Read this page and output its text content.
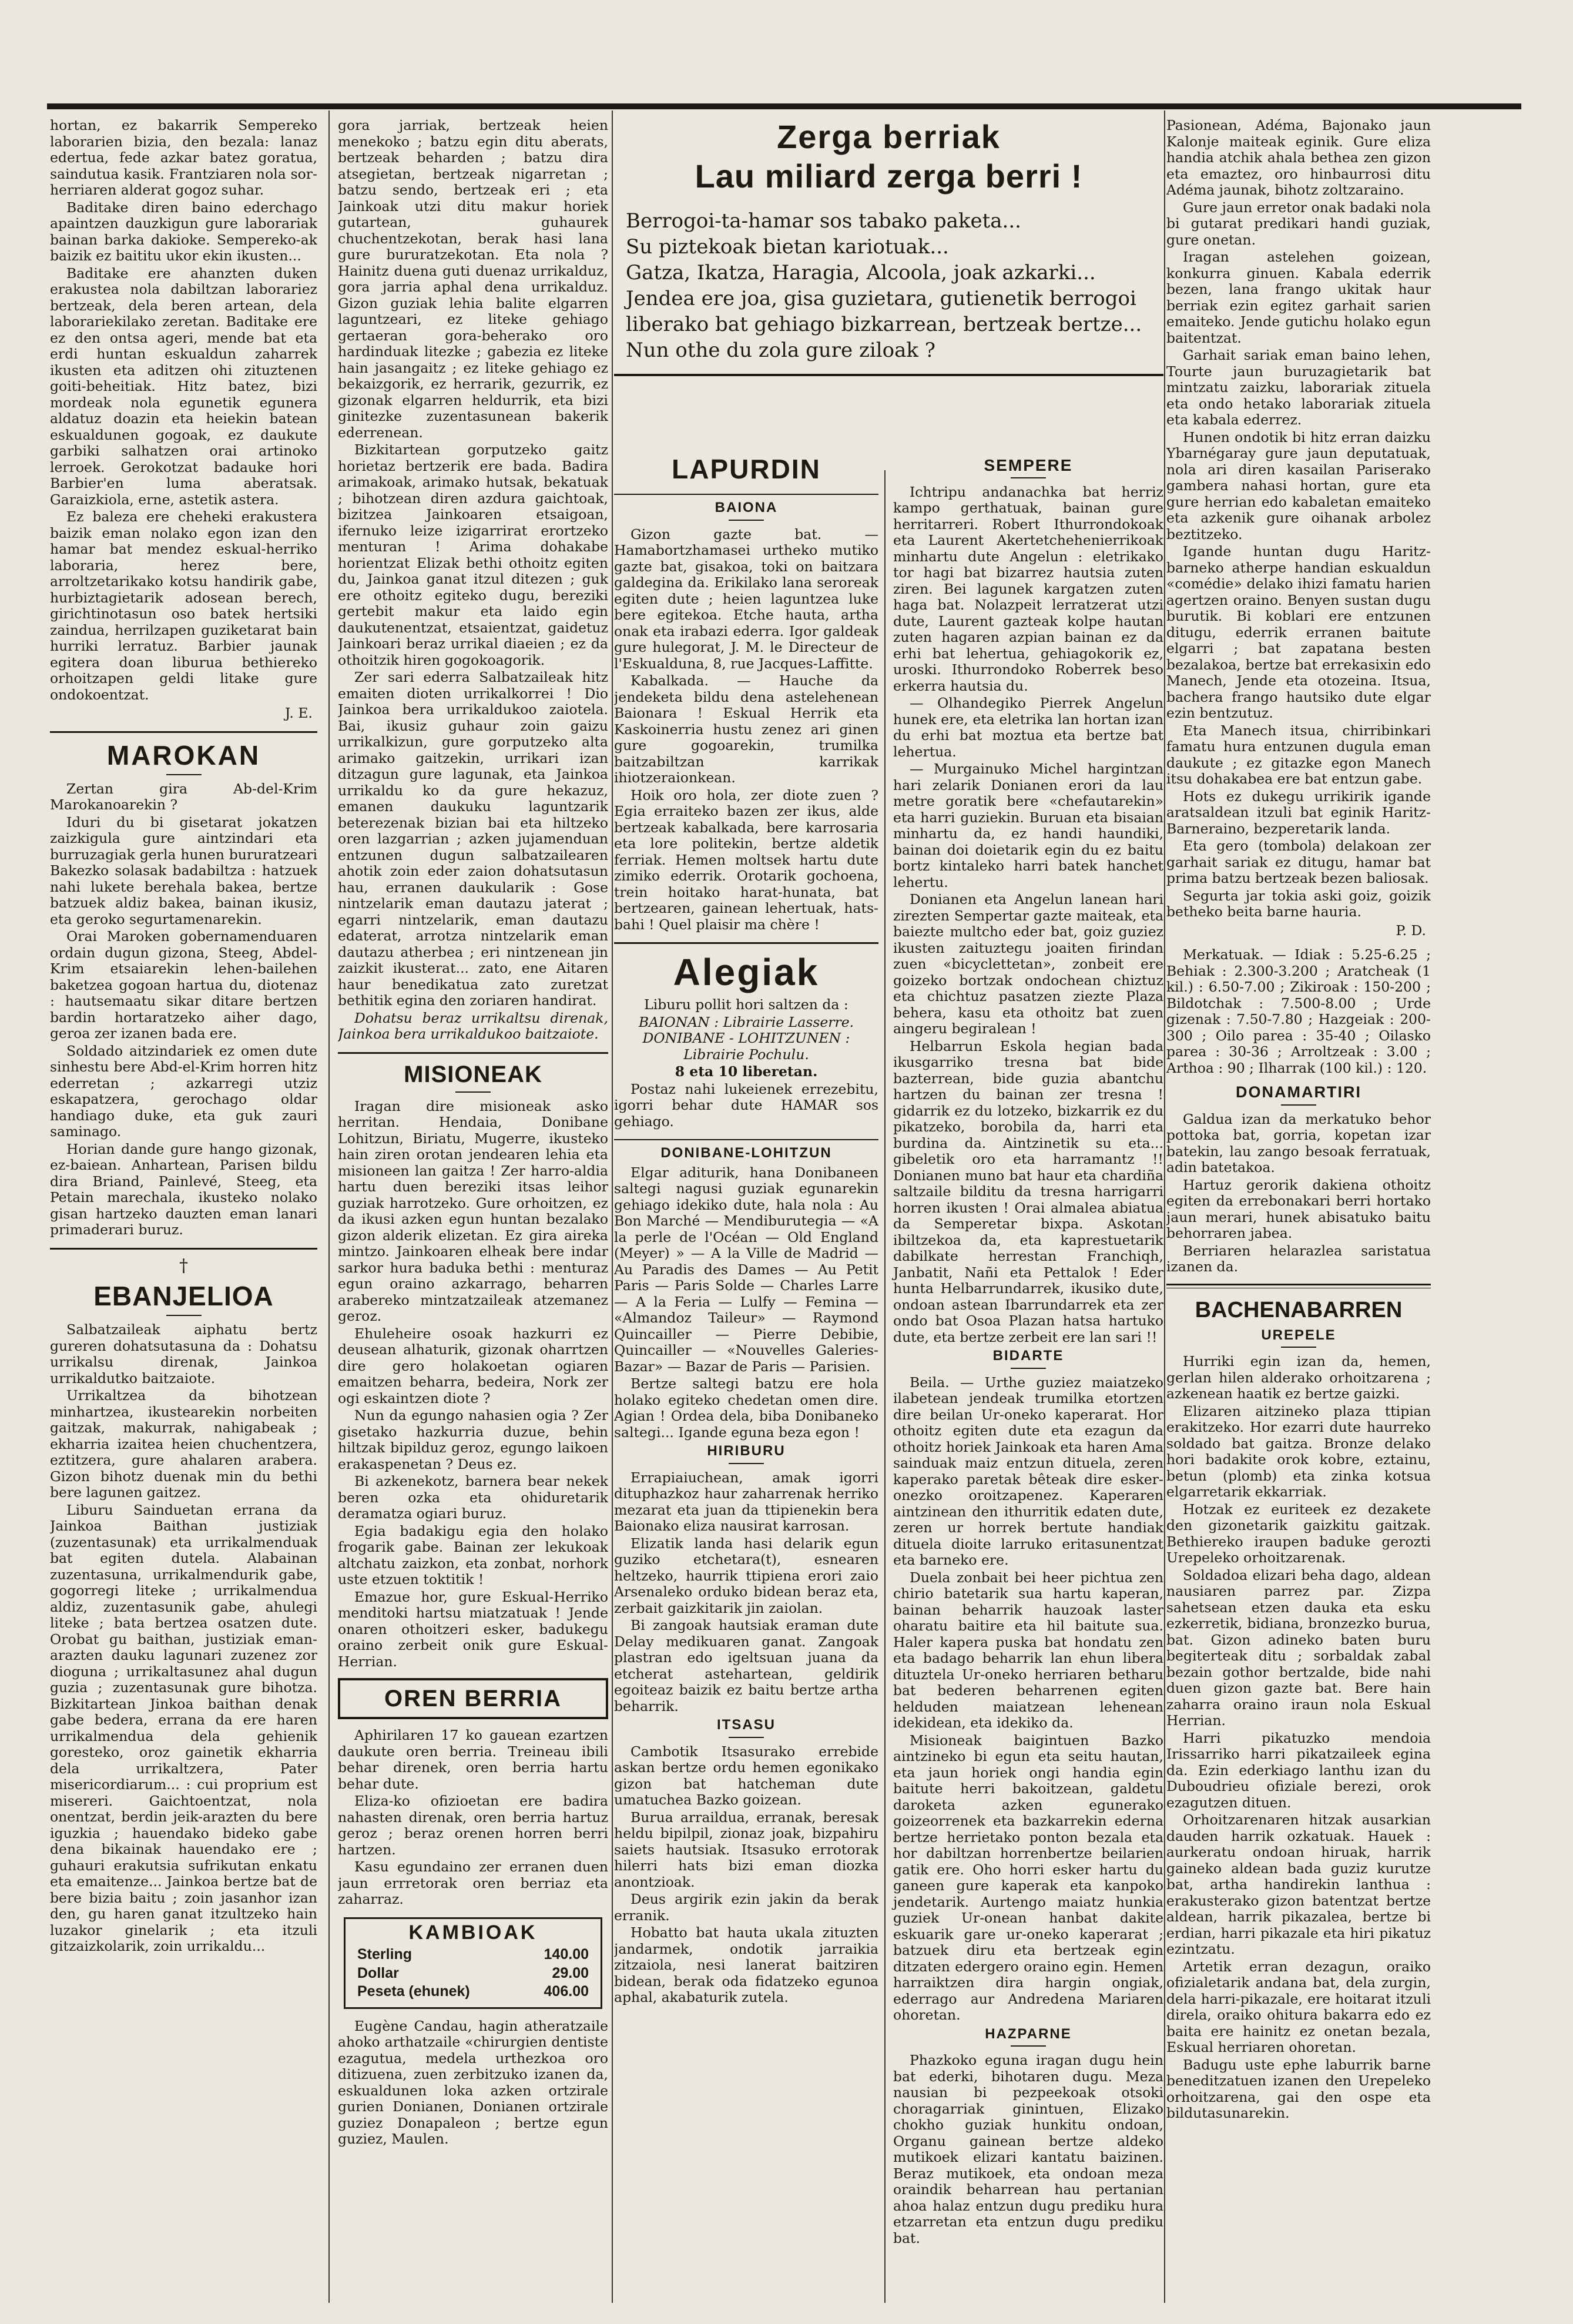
hortan, ez bakarrik Sempereko laborarien bizia, den bezala: lanaz edertua, fede azkar batez goratua, saindutua kasik. Frantziaren nola sor-herriaren alderat gogoz suhar.

Baditake diren baino ederchago apaintzen dauzkigun gure laborariak bainan barka dakioke. Sempereko-ak baizik ez baititu ukor ekin ikusten...

Baditake ere ahanzten duken erakustea nola dabiltzan laborariez bertzeak, dela beren artean, dela laborariekilako zeretan. Baditake ere ez den ontsa ageri, mende bat eta erdi huntan eskualdun zaharrek ikusten eta aditzen ohi zituztenen goiti-beheitiak. Hitz batez, bizi mordeak nola egunetik egunera aldatuz doazin eta heiekin batean eskualdunen gogoak, ez daukute garbiki salhatzen orai artinoko lerroek. Gerokotzat badauke hori Barbier'en luma aberatsak. Garaizkiola, erne, astetik astera.

Ez baleza ere cheheki erakustera baizik eman nolako egon izan den hamar bat mendez eskual-herriko laboraria, herez bere, arroltzetarikako kotsu handirik gabe, hurbiztagietarik adosean berech, girichtinotasun oso batek hertsiki zaindua, herrilzapen guziketarat bain hurriki lerratuz. Barbier jaunak egitera doan liburua bethiereko orhoitzapen geldi litake gure ondokoentzat.

J. E.

MAROKAN

Zertan gira Ab-del-Krim Marokanoarekin ?

Iduri du bi gisetarat jokatzen zaizkigula gure aintzindari eta burruzagiak gerla hunen bururatzeari Bakezko solasak badabiltza : hatzuek nahi lukete berehala bakea, bertze batzuek aldiz bakea, bainan ikusiz, eta geroko segurtamenarekin.

Orai Maroken gobernamenduaren ordain dugun gizona, Steeg, Abdel-Krim etsaiarekin lehen-bailehen baketzea gogoan hartua du, diotenaz : hautsemaatu sikar ditare bertzen bardin hortaratzeko aiher dago, geroa zer izanen bada ere.

Soldado aitzindariek ez omen dute sinhestu bere Abd-el-Krim horren hitz ederretan ; azkarregi utziz eskapatzera, gerochago oldar handiago duke, eta guk zauri saminago.

Horian dande gure hango gizonak, ez-baiean. Anhartean, Parisen bildu dira Briand, Painlevé, Steeg, eta Petain marechala, ikusteko nolako gisan hartzeko dauzten eman lanari primaderari buruz.

†
EBANJELIOA

Salbatzaileak aiphatu bertz gureren dohatsutasuna da : Dohatsu urrikalsu direnak, Jainkoa urrikaldutko baitzaiote.

Urrikaltzea da bihotzean minhartzea, ikustearekin norbeiten gaitzak, makurrak, nahigabeak ; ekharria izaitea heien chuchentzera, eztitzera, gure ahalaren arabera. Gizon bihotz duenak min du bethi bere lagunen gaitzez.

Liburu Sainduetan errana da Jainkoa Baithan justiziak (zuzentasunak) eta urrikalmenduak bat egiten dutela. Alabainan zuzentasuna, urrikalmendurik gabe, gogorregi liteke ; urrikalmendua aldiz, zuzentasunik gabe, ahulegi liteke ; bata bertzea osatzen dute. Orobat gu baithan, justiziak eman-arazten dauku lagunari zuzenez zor dioguna ; urrikaltasunez ahal dugun guzia ; zuzentasunak gure bihotza. Bizkitartean Jinkoa baithan denak gabe bedera, errana da ere haren urrikalmendua dela gehienik goresteko, oroz gainetik ekharria dela urrikaltzera, Pater misericordiarum... : cui proprium est misereri. Gaichtoentzat, nola onentzat, berdin jeik-arazten du bere iguzkia ; hauendako bideko gabe dena bikainak hauendako ere ; guhauri erakutsia sufrikutan enkatu eta emaitenze... Jainkoa bertze bat de bere bizia baitu ; zoin jasanhor izan den, gu haren ganat itzultzeko hain luzakor ginelarik ; eta itzuli gitzaizkolarik, zoin urrikaldu...

gora jarriak, bertzeak heien menekoko ; batzu egin ditu aberats, bertzeak beharden ; batzu dira atsegietan, bertzeak nigarretan ; batzu sendo, bertzeak eri ; eta Jainkoak utzi ditu makur horiek gutartean, guhaurek chuchentzekotan, berak hasi lana gure bururatzekotan. Eta nola ? Hainitz duena guti duenaz urrikalduz, gora jarria aphal dena urrikalduz. Gizon guziak lehia balite elgarren laguntzeari, ez liteke gehiago gertaeran gora-beherako oro hardinduak litezke ; gabezia ez liteke hain jasangaitz ; ez liteke gehiago ez bekaizgorik, ez herrarik, gezurrik, ez gizonak elgarren heldurrik, eta bizi ginitezke zuzentasunean bakerik ederrenean.

Bizkitartean gorputzeko gaitz horietaz bertzerik ere bada. Badira arimakoak, arimako hutsak, bekatuak ; bihotzean diren azdura gaichtoak, bizitzea Jainkoaren etsaigoan, ifernuko leize izigarrirat erortzeko menturan ! Arima dohakabe horientzat Elizak bethi othoitz egiten du, Jainkoa ganat itzul ditezen ; guk ere othoitz egiteko dugu, bereziki gertebit makur eta laido egin daukutenentzat, etsaientzat, gaidetuz Jainkoari beraz urrikal diaeien ; ez da othoitzik hiren gogokoagorik.

Zer sari ederra Salbatzaileak hitz emaiten dioten urrikalkorrei ! Dio Jainkoa bera urrikaldukoo zaiotela. Bai, ikusiz guhaur zoin gaizu urrikalkizun, gure gorputzeko alta arimako gaitzekin, urrikari izan ditzagun gure lagunak, eta Jainkoa urrikaldu ko da gure hekazuz, emanen daukuku laguntzarik beterezenak bizian bai eta hiltzeko oren lazgarrian ; azken jujamenduan entzunen dugun salbatzailearen ahotik zoin eder zaion dohatsutasun hau, erranen daukularik : Gose nintzelarik eman dautazu jaterat ; egarri nintzelarik, eman dautazu edaterat, arrotza nintzelarik eman dautazu atherbea ; eri nintzenean jin zaizkit ikusterat... zato, ene Aitaren haur benedikatua zato zuretzat bethitik egina den zoriaren handirat.

Dohatsu beraz urrikaltsu direnak, Jainkoa bera urrikaldukoo baitzaiote.

MISIONEAK

Iragan dire misioneak asko herritan. Hendaia, Donibane Lohitzun, Biriatu, Mugerre, ikusteko hain ziren orotan jendearen lehia eta misioneen lan gaitza ! Zer harro-aldia hartu duen bereziki itsas leihor guziak harrotzeko. Gure orhoitzen, ez da ikusi azken egun huntan bezalako gizon alderik elizetan. Ez gira aireka mintzo. Jainkoaren elheak bere indar sarkor hura baduka bethi : menturaz egun oraino azkarrago, beharren arabereko mintzatzaileak atzemanez geroz.

Ehuleheire osoak hazkurri ez deusean alhaturik, gizonak oharrtzen dire gero holakoetan ogiaren emaitzen beharra, bedeira, Nork zer ogi eskaintzen diote ?

Nun da egungo nahasien ogia ? Zer gisetako hazkurria duzue, behin hiltzak bipilduz geroz, egungo laikoen erakaspenetan ? Deus ez.

Bi azkenekotz, barnera bear nekek beren ozka eta ohiduretarik deramatza ogiari buruz.

Egia badakigu egia den holako frogarik gabe. Bainan zer lekukoak altchatu zaizkon, eta zonbat, norhork uste etzuen toktitik !

Emazue hor, gure Eskual-Herriko menditoki hartsu miatzatuak ! Jende onaren othoitzeri esker, badukegu oraino zerbeit onik gure Eskual-Herrian.

OREN BERRIA

Aphirilaren 17 ko gauean ezartzen daukute oren berria. Treineau ibili behar direnek, oren berria hartu behar dute.

Eliza-ko ofizioetan ere badira nahasten direnak, oren berria hartuz geroz ; beraz orenen horren berri hartzen.

Kasu egundaino zer erranen duen jaun errretorak oren berriaz eta zaharraz.

KAMBIOAK
Sterling	140.00
Dollar	29.00
Peseta (ehunek)	406.00

Eugène Candau, hagin atheratzaile ahoko arthatzaile «chirurgien dentiste ezagutua, medela urthezkoa oro ditizuena, zuen zerbitzuko izanen da, eskualdunen loka azken ortzirale gurien Donianen, Donianen ortzirale guziez Donapaleon ; bertze egun guziez, Maulen.

Zerga berriak
Lau miliard zerga berri !
Berrogoi-ta-hamar sos tabako paketa...
Su piztekoak bietan kariotuak...
Gatza, Ikatza, Haragia, Alcoola, joak azkarki...
Jendea ere joa, gisa guzietara, gutienetik berrogoi
liberako bat gehiago bizkarrean, bertzeak bertze...
Nun othe du zola gure ziloak ?
LAPURDIN
BAIONA

Gizon gazte bat. — Hamabortzhamasei urtheko mutiko gazte bat, gisakoa, toki on baitzara galdegina da. Erikilako lana seroreak egiten dute ; heien laguntzea luke bere egitekoa. Etche hauta, artha onak eta irabazi ederra. Igor galdeak gure hulegorat, J. M. le Directeur de l'Eskualduna, 8, rue Jacques-Laffitte.

Kabalkada. — Hauche da jendeketa bildu dena astelehenean Baionara ! Eskual Herrik eta Kaskoinerria hustu zenez ari ginen gure gogoarekin, trumilka baitzabiltzan karrikak ihiotzeraionkean.

Hoik oro hola, zer diote zuen ? Egia erraiteko bazen zer ikus, alde bertzeak kabalkada, bere karrosaria eta lore politekin, bertze aldetik ferriak. Hemen moltsek hartu dute zimiko ederrik. Orotarik gochoena, trein hoitako harat-hunata, bat bertzearen, gainean lehertuak, hats-bahi ! Quel plaisir ma chère !

Alegiak

Liburu pollit hori saltzen da :

BAIONAN : Librairie Lasserre. DONIBANE - LOHITZUNEN : Librairie Pochulu.

8 eta 10 liberetan.

Postaz nahi lukeienek errezebitu, igorri behar dute HAMAR sos gehiago.

DONIBANE-LOHITZUN

Elgar aditurik, hana Donibaneen saltegi nagusi guziak egunarekin gehiago idekiko dute, hala nola : Au Bon Marché — Mendiburutegia — «A la perle de l'Océan — Old England (Meyer) » — A la Ville de Madrid — Au Paradis des Dames — Au Petit Paris — Paris Solde — Charles Larre — A la Feria — Lulfy — Femina — «Almandoz Taileur» — Raymond Quincailler — Pierre Debibie, Quincailler — «Nouvelles Galeries-Bazar» — Bazar de Paris — Parisien.

Bertze saltegi batzu ere hola holako egiteko chedetan omen dire. Agian ! Ordea dela, biba Donibaneko saltegi... Igande eguna beza egon !

HIRIBURU

Errapiaiuchean, amak igorri dituphazkoz haur zaharrenak herriko mezarat eta juan da ttipienekin bera Baionako eliza nausirat karrosan.

Elizatik landa hasi delarik egun guziko etchetara(t), esnearen heltzeko, haurrik ttipiena erori zaio Arsenaleko orduko bidean beraz eta, zerbait gaizkitarik jin zaiolan.

Bi zangoak hautsiak eraman dute Delay medikuaren ganat. Zangoak plastran edo igeltsuan juana da etcherat astehartean, geldirik egoiteaz baizik ez baitu bertze artha beharrik.

ITSASU

Cambotik Itsasurako errebide askan bertze ordu hemen egonikako gizon bat hatcheman dute umatuchea Bazko goizean.

Burua arraildua, erranak, beresak heldu bipilpil, zionaz joak, bizpahiru saiets hautsiak. Itsasuko errotorak hilerri hats bizi eman diozka anontzioak.

Deus argirik ezin jakin da berak erranik.

Hobatto bat hauta ukala zituzten jandarmek, ondotik jarraikia zitzaiola, nesi lanerat baitziren bidean, berak oda fidatzeko egunoa aphal, akabaturik zutela.

SEMPERE

Ichtripu andanachka bat herriz kampo gerthatuak, bainan gure herritarreri. Robert Ithurrondokoak eta Laurent Akertetchehenierrikoak minhartu dute Angelun : eletrikako tor hagi bat bizarrez hautsia zuten ziren. Bei lagunek kargatzen zuten haga bat. Nolazpeit lerratzerat utzi dute, Laurent gazteak kolpe hautan zuten hagaren azpian bainan ez da erhi bat lehertua, gehiagokorik ez, uroski. Ithurrondoko Roberrek beso erkerra hautsia du.

— Olhandegiko Pierrek Angelun hunek ere, eta eletrika lan hortan izan du erhi bat moztua eta bertze bat lehertua.

— Murgainuko Michel hargintzan hari zelarik Donianen erori da lau metre goratik bere «chefautarekin» eta harri guziekin. Buruan eta bisaian minhartu da, ez handi haundiki, bainan doi doietarik egin du ez baitu bortz kintaleko harri batek hanchet lehertu.

Donianen eta Angelun lanean hari zirezten Sempertar gazte maiteak, eta baiezte multcho eder bat, goiz guziez ikusten zaituztegu joaiten firindan zuen «bicyclettetan», zonbeit ere goizeko bortzak ondochean chiztuz eta chichtuz pasatzen ziezte Plaza behera, kasu eta othoitz bat zuen aingeru begiralean !

Helbarrun Eskola hegian bada ikusgarriko tresna bat bide bazterrean, bide guzia abantchu hartzen du bainan zer tresna ! gidarrik ez du lotzeko, bizkarrik ez du pikatzeko, borobila da, harri eta burdina da. Aintzinetik su eta... gibeletik oro eta harramantz !! Donianen muno bat haur eta chardiña saltzaile bilditu da tresna harrigarri horren ikusten ! Orai almalea abiatua da Semperetar bixpa. Askotan ibiltzekoa da, eta kaprestuetarik dabilkate herrestan Franchiqh, Janbatit, Nañi eta Pettalok ! Eder hunta Helbarrundarrek, ikusiko dute, ondoan astean Ibarrundarrek eta zer ondo bat Osoa Plazan hatsa hartuko dute, eta bertze zerbeit ere lan sari !!

BIDARTE

Beila. — Urthe guziez maiatzeko ilabetean jendeak trumilka etortzen dire beilan Ur-oneko kaperarat. Hor othoitz egiten dute eta ezagun da othoitz horiek Jainkoak eta haren Ama sainduak maiz entzun dituela, zeren kaperako paretak bêteak dire esker-onezko oroitzapenez. Kaperaren aintzinean den ithurritik edaten dute, zeren ur horrek bertute handiak dituela dioite larruko eritasunentzat eta barneko ere.

Duela zonbait bei heer pichtua zen chirio batetarik sua hartu kaperan, bainan beharrik hauzoak laster oharatu baitire eta hil baitute sua. Haler kapera puska bat hondatu zen eta badago beharrik lan ehun libera dituztela Ur-oneko herriaren betharu bat bederen beharrenen egiten helduden maiatzean lehenean idekidean, eta idekiko da.

Misioneak baigintuen Bazko aintzineko bi egun eta seitu hautan, eta jaun horiek ongi handia egin baitute herri bakoitzean, galdetu daroketa azken egunerako goizeorrenek eta bazkarrekin ederna bertze herrietako ponton bezala eta hor dabiltzan horrenbertze beilarien gatik ere. Oho horri esker hartu du ganeen gure kaperak eta kanpoko jendetarik. Aurtengo maiatz hunkia guziek Ur-onean hanbat dakite eskuarik gare ur-oneko kaperarat ; batzuek diru eta bertzeak egin ditzaten edergero oraino egin. Hemen harraiktzen dira hargin ongiak, ederrago aur Andredena Mariaren ohoretan.

HAZPARNE

Phazkoko eguna iragan dugu hein bat ederki, bihotaren dugu. Meza nausian bi pezpeekoak otsoki choragarriak ginintuen, Elizako chokho guziak hunkitu ondoan, Organu gainean bertze aldeko mutikoek elizari kantatu baizinen. Beraz mutikoek, eta ondoan meza oraindik beharrean hau pertanian ahoa halaz entzun dugu prediku hura etzarretan eta entzun dugu prediku bat.

Pasionean, Adéma, Bajonako jaun Kalonje maiteak eginik. Gure eliza handia atchik ahala bethea zen gizon eta emaztez, oro hinbaurrosi ditu Adéma jaunak, bihotz zoltzaraino.

Gure jaun erretor onak badaki nola bi gutarat predikari handi guziak, gure onetan.

Iragan astelehen goizean, konkurra ginuen. Kabala ederrik bezen, lana frango ukitak haur berriak ezin egitez garhait sarien emaiteko. Jende gutichu holako egun baitentzat.

Garhait sariak eman baino lehen, Tourte jaun buruzagietarik bat mintzatu zaizku, laborariak zituela eta ondo hetako laborariak zituela eta kabala ederrez.

Hunen ondotik bi hitz erran daizku Ybarnégaray gure jaun deputatuak, nola ari diren kasailan Pariserako gambera nahasi hortan, gure eta gure herrian edo kabaletan emaiteko eta azkenik gure oihanak arbolez beztitzeko.

Igande huntan dugu Haritz-barneko atherpe handian eskualdun «comédie» delako ihizi famatu harien agertzen oraino. Benyen sustan dugu burutik. Bi koblari ere entzunen ditugu, ederrik erranen baitute elgarri ; bat zapatana besten bezalakoa, bertze bat errekasixin edo Manech, Jende eta otozeina. Itsua, bachera frango hautsiko dute elgar ezin bentzutuz.

Eta Manech itsua, chirribinkari famatu hura entzunen dugula eman daukute ; ez gitazke egon Manech itsu dohakabea ere bat entzun gabe.

Hots ez dukegu urrikirik igande aratsaldean itzuli bat eginik Haritz-Barneraino, bezperetarik landa.

Eta gero (tombola) delakoan zer garhait sariak ez ditugu, hamar bat prima batzu bertzeak bezen baliosak.

Segurta jar tokia aski goiz, goizik betheko beita barne hauria.

P. D.

Merkatuak. — Idiak : 5.25-6.25 ; Behiak : 2.300-3.200 ; Aratcheak (1 kil.) : 6.50-7.00 ; Zikiroak : 150-200 ; Bildotchak : 7.500-8.00 ; Urde gizenak : 7.50-7.80 ; Hazgeiak : 200-300 ; Oilo parea : 35-40 ; Oilasko parea : 30-36 ; Arroltzeak : 3.00 ; Arthoa : 90 ; Ilharrak (100 kil.) : 120.

DONAMARTIRI

Galdua izan da merkatuko behor pottoka bat, gorria, kopetan izar batekin, lau zango besoak ferratuak, adin batetakoa.

Hartuz gerorik dakiena othoitz egiten da errebonakari berri hortako jaun merari, hunek abisatuko baitu behorraren jabea.

Berriaren helarazlea saristatua izanen da.

BACHENABARREN
UREPELE

Hurriki egin izan da, hemen, gerlan hilen alderako orhoitzarena ; azkenean haatik ez bertze gaizki.

Elizaren aitzineko plaza ttipian erakitzeko. Hor ezarri dute haurreko soldado bat gaitza. Bronze delako hori badakite orok kobre, eztainu, betun (plomb) eta zinka kotsua elgarretarik ekkarriak.

Hotzak ez euriteek ez dezakete den gizonetarik gaizkitu gaitzak. Bethiereko iraupen baduke gerozti Urepeleko orhoitzarenak.

Soldadoa elizari beha dago, aldean nausiaren parrez par. Zizpa sahetsean etzen dauka eta esku ezkerretik, bidiana, bronzezko burua, bat. Gizon adineko baten buru begiterteak ditu ; sorbaldak zabal bezain gothor bertzalde, bide nahi duen gizon gazte bat. Bere hain zaharra oraino iraun nola Eskual Herrian.

Harri pikatuzko mendoia Irissarriko harri pikatzaileek egina da. Ezin ederkiago lanthu izan du Duboudrieu ofiziale berezi, orok ezagutzen dituen.

Orhoitzarenaren hitzak ausarkian dauden harrik ozkatuak. Hauek : aurkeratu ondoan hiruak, harrik gaineko aldean bada guziz kurutze bat, artha handirekin lanthua : erakusterako gizon batentzat bertze aldean, harrik pikazalea, bertze bi erdian, harri pikazale eta hiri pikatuz ezintzatu.

Artetik erran dezagun, oraiko ofizialetarik andana bat, dela zurgin, dela harri-pikazale, ere hoitarat itzuli direla, oraiko ohitura bakarra edo ez baita ere hainitz ez onetan bezala, Eskual herriaren ohoretan.

Badugu uste ephe laburrik barne beneditzatuen izanen den Urepeleko orhoitzarena, gai den ospe eta bildutasunarekin.
